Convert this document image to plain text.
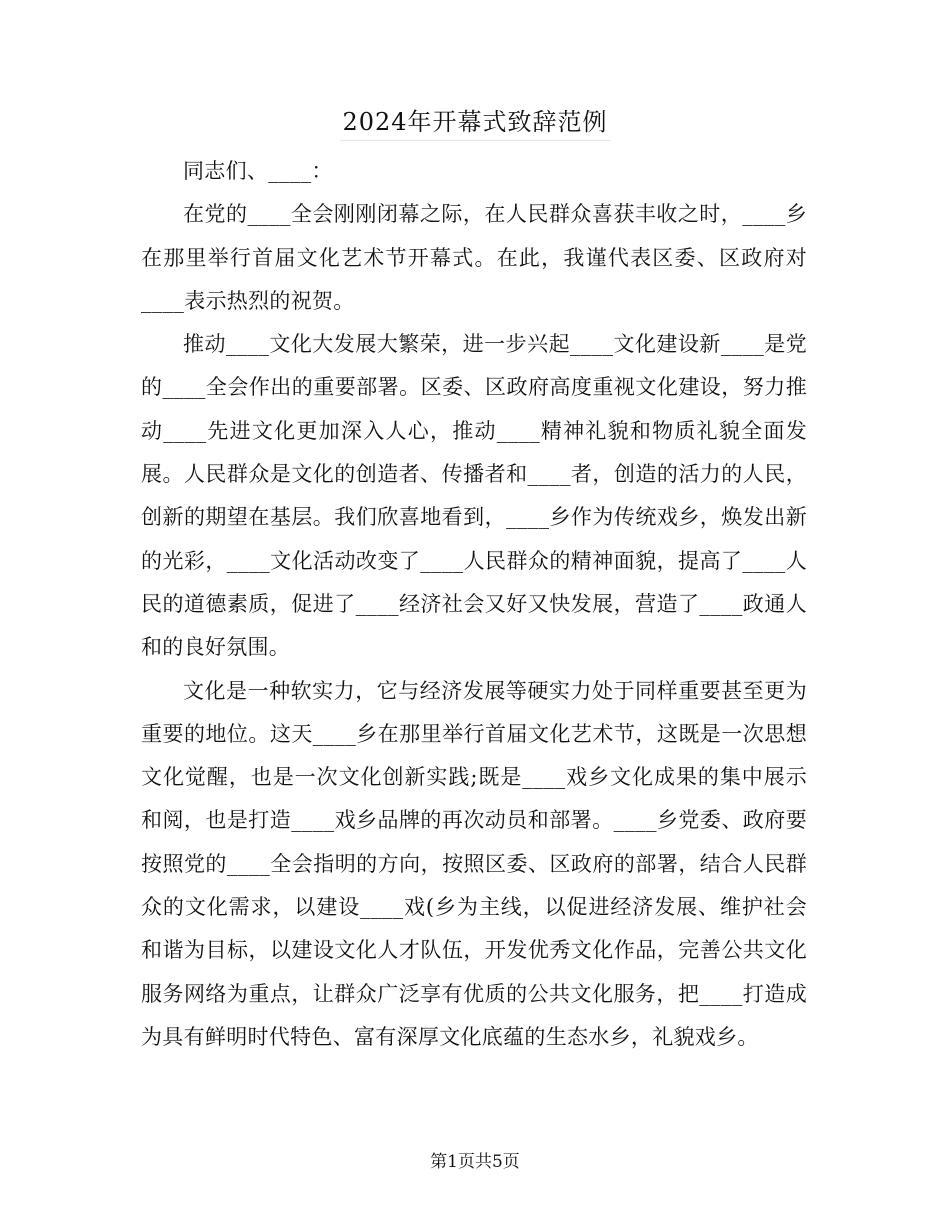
2024年开幕式致辞范例

同志们、____：

在党的____全会刚刚闭幕之际，在人民群众喜获丰收之时，____乡在那里举行首届文化艺术节开幕式。在此，我谨代表区委、区政府对____表示热烈的祝贺。

推动____文化大发展大繁荣，进一步兴起____文化建设新____是党的____全会作出的重要部署。区委、区政府高度重视文化建设，努力推动____先进文化更加深入人心，推动____精神礼貌和物质礼貌全面发展。人民群众是文化的创造者、传播者和____者，创造的活力的人民，创新的期望在基层。我们欣喜地看到，____乡作为传统戏乡，焕发出新的光彩，____文化活动改变了____人民群众的精神面貌，提高了____人民的道德素质，促进了____经济社会又好又快发展，营造了____政通人和的良好氛围。

文化是一种软实力，它与经济发展等硬实力处于同样重要甚至更为重要的地位。这天____乡在那里举行首届文化艺术节，这既是一次思想文化觉醒，也是一次文化创新实践;既是____戏乡文化成果的集中展示和阅，也是打造____戏乡品牌的再次动员和部署。____乡党委、政府要按照党的____全会指明的方向，按照区委、区政府的部署，结合人民群众的文化需求，以建设____戏(乡为主线，以促进经济发展、维护社会和谐为目标，以建设文化人才队伍，开发优秀文化作品，完善公共文化服务网络为重点，让群众广泛享有优质的公共文化服务，把____打造成为具有鲜明时代特色、富有深厚文化底蕴的生态水乡，礼貌戏乡。

第1页共5页
